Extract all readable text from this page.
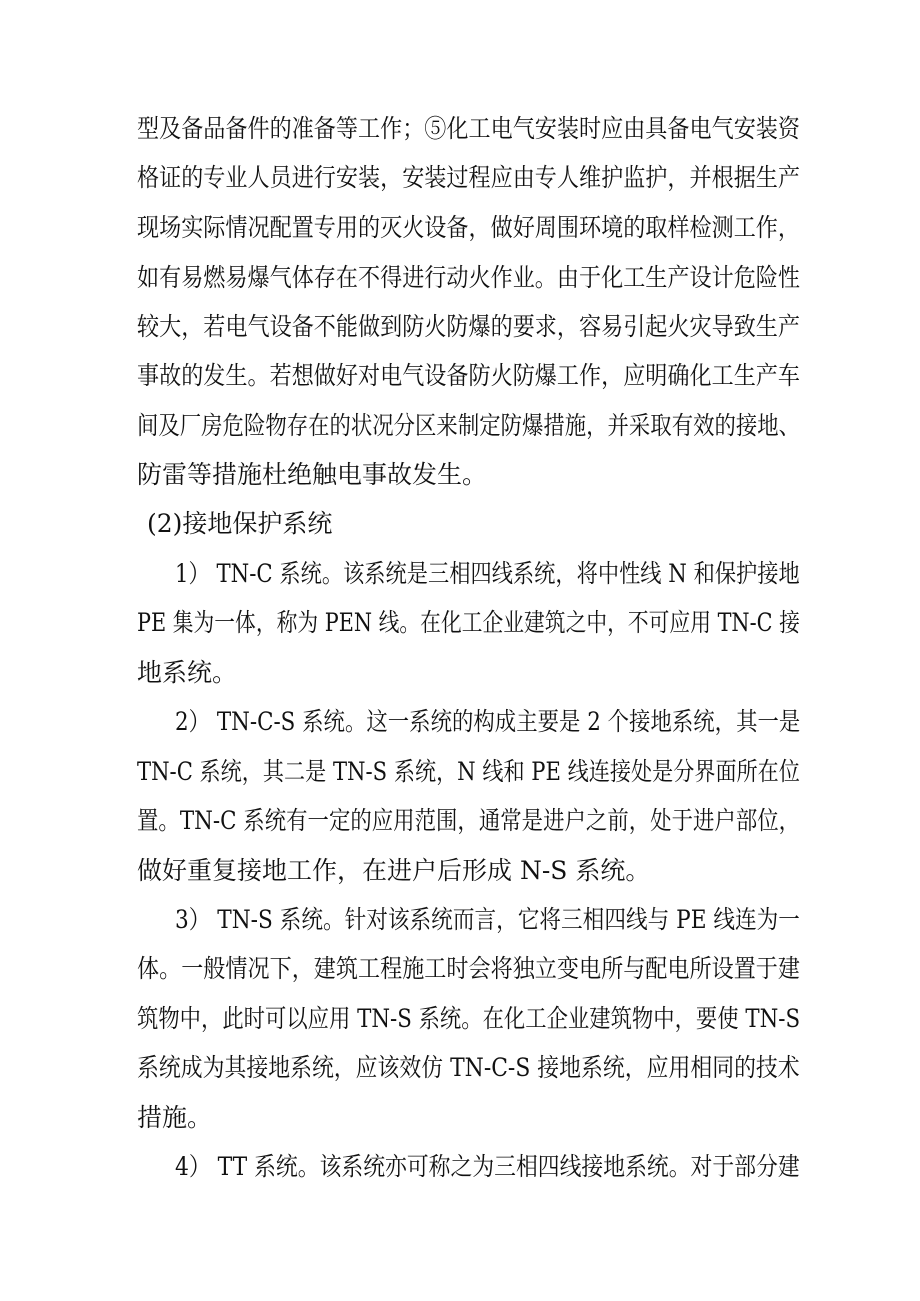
型及备品备件的准备等工作；⑤化工电气安装时应由具备电气安装资
格证的专业人员进行安装，安装过程应由专人维护监护，并根据生产
现场实际情况配置专用的灭火设备，做好周围环境的取样检测工作，
如有易燃易爆气体存在不得进行动火作业。由于化工生产设计危险性
较大，若电气设备不能做到防火防爆的要求，容易引起火灾导致生产
事故的发生。若想做好对电气设备防火防爆工作，应明确化工生产车
间及厂房危险物存在的状况分区来制定防爆措施，并采取有效的接地、
防雷等措施杜绝触电事故发生。
(2)接地保护系统
1） TN-C 系统。该系统是三相四线系统，将中性线 N 和保护接地
PE 集为一体，称为 PEN 线。在化工企业建筑之中，不可应用 TN-C 接
地系统。
2） TN-C-S 系统。这一系统的构成主要是 2 个接地系统，其一是
TN-C 系统，其二是 TN-S 系统，N 线和 PE 线连接处是分界面所在位
置。TN-C 系统有一定的应用范围，通常是进户之前，处于进户部位，
做好重复接地工作，在进户后形成 N-S 系统。
3） TN-S 系统。针对该系统而言，它将三相四线与 PE 线连为一
体。一般情况下，建筑工程施工时会将独立变电所与配电所设置于建
筑物中，此时可以应用 TN-S 系统。在化工企业建筑物中，要使 TN-S
系统成为其接地系统，应该效仿 TN-C-S 接地系统，应用相同的技术
措施。
4） TT 系统。该系统亦可称之为三相四线接地系统。对于部分建
